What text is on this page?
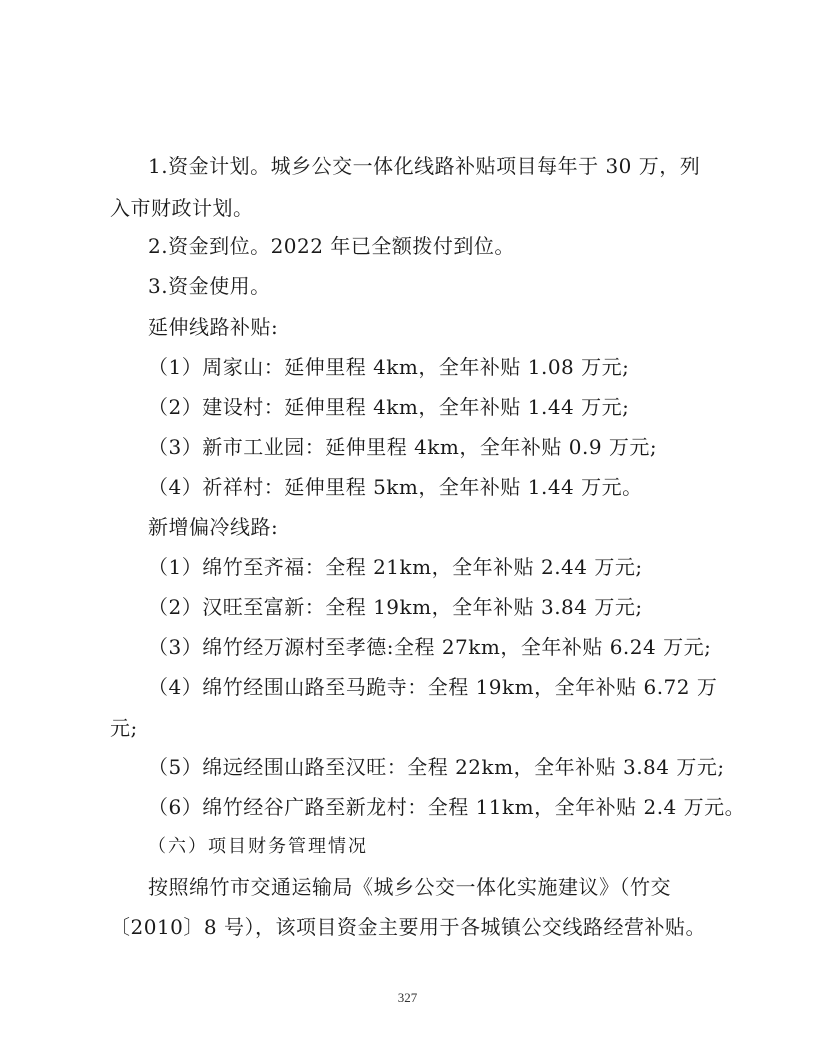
1.资金计划。城乡公交一体化线路补贴项目每年于 30 万，列
入市财政计划。
2.资金到位。2022 年已全额拨付到位。
3.资金使用。
延伸线路补贴:
（1）周家山：延伸里程 4km，全年补贴 1.08 万元;
（2）建设村：延伸里程 4km，全年补贴 1.44 万元;
（3）新市工业园：延伸里程 4km，全年补贴 0.9 万元;
（4）祈祥村：延伸里程 5km，全年补贴 1.44 万元。
新增偏冷线路:
（1）绵竹至齐福：全程 21km，全年补贴 2.44 万元;
（2）汉旺至富新：全程 19km，全年补贴 3.84 万元;
（3）绵竹经万源村至孝德:全程 27km，全年补贴 6.24 万元;
（4）绵竹经围山路至马跪寺：全程 19km，全年补贴 6.72 万
元;
（5）绵远经围山路至汉旺：全程 22km，全年补贴 3.84 万元;
（6）绵竹经谷广路至新龙村：全程 11km，全年补贴 2.4 万元。
（六）项目财务管理情况
按照绵竹市交通运输局《城乡公交一体化实施建议》（竹交
〔2010〕8 号），该项目资金主要用于各城镇公交线路经营补贴。
327
